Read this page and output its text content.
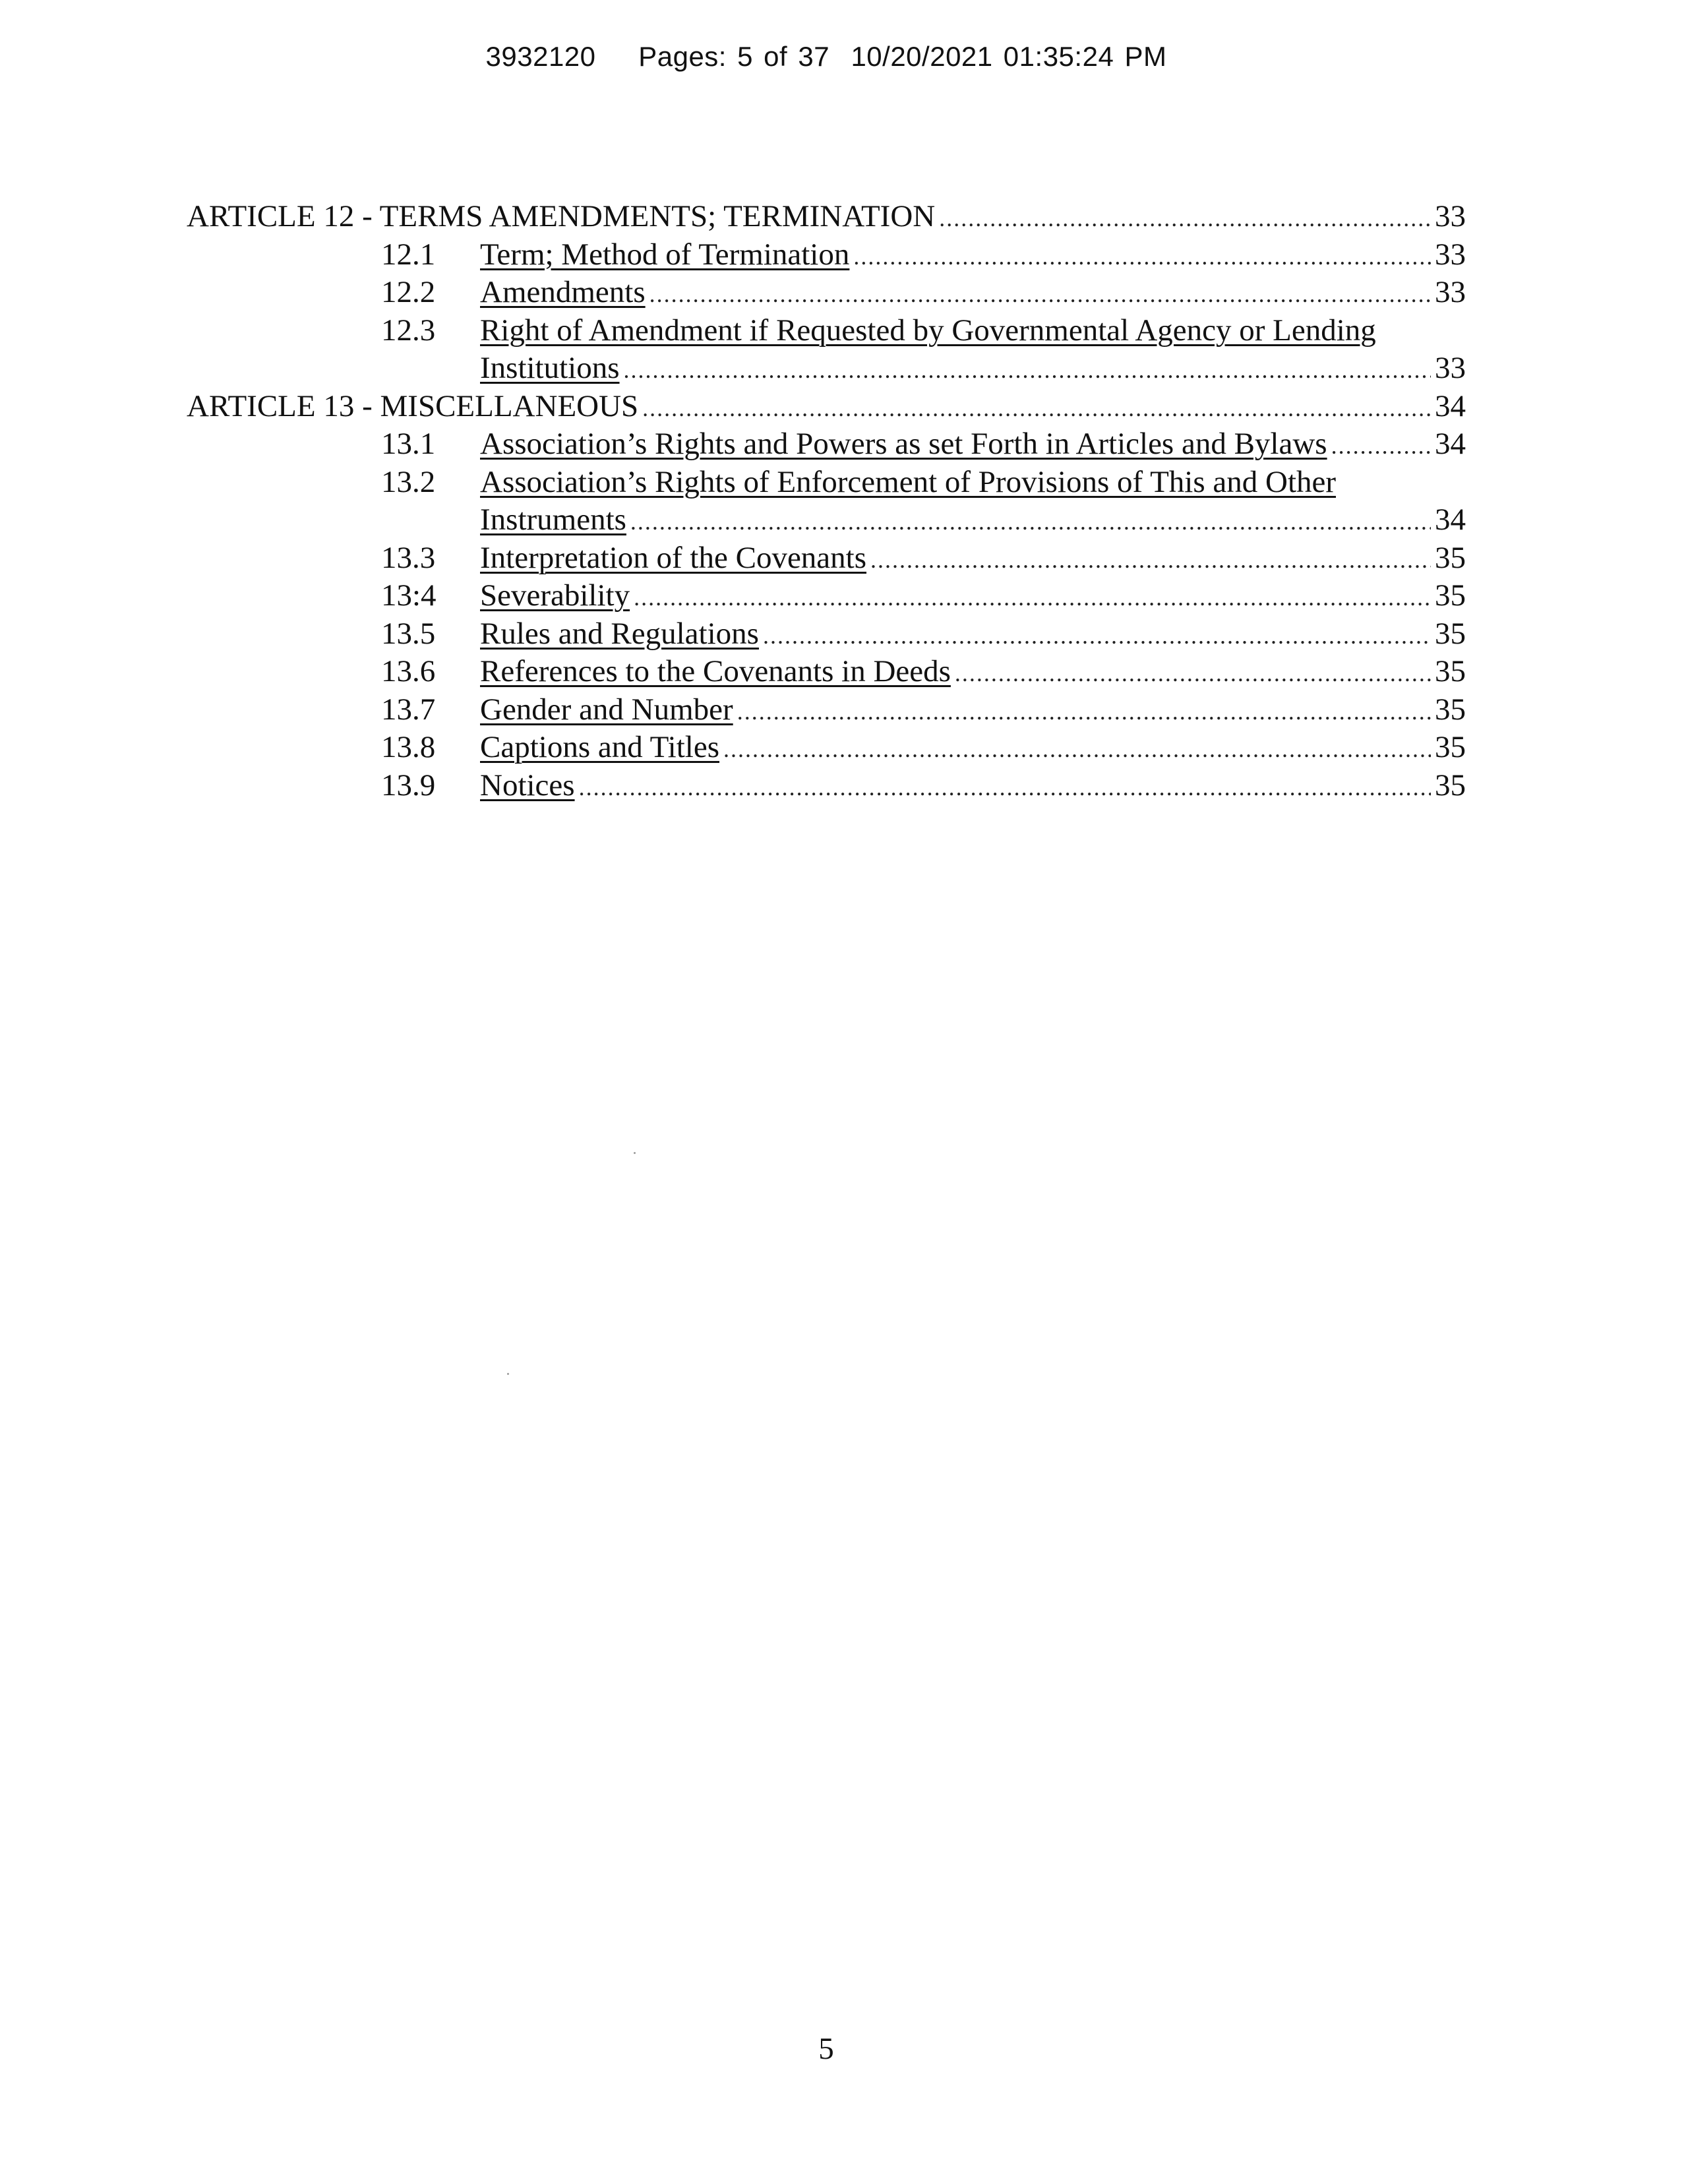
3932120 Pages: 5 of 37 10/20/2021 01:35:24 PM
ARTICLE 12 - TERMS AMENDMENTS; TERMINATION .....	33
12.1	Term; Method of Termination .....	33
12.2	Amendments .....	33
12.3	Right of Amendment if Requested by Governmental Agency or Lending
Institutions .....	33
ARTICLE 13 - MISCELLANEOUS .....	34
13.1	Association’s Rights and Powers as set Forth in Articles and Bylaws .....	34
13.2	Association’s Rights of Enforcement of Provisions of This and Other
Instruments .....	34
13.3	Interpretation of the Covenants .....	35
13:4	Severability .....	35
13.5	Rules and Regulations .....	35
13.6	References to the Covenants in Deeds .....	35
13.7	Gender and Number .....	35
13.8	Captions and Titles .....	35
13.9	Notices .....	35
5
